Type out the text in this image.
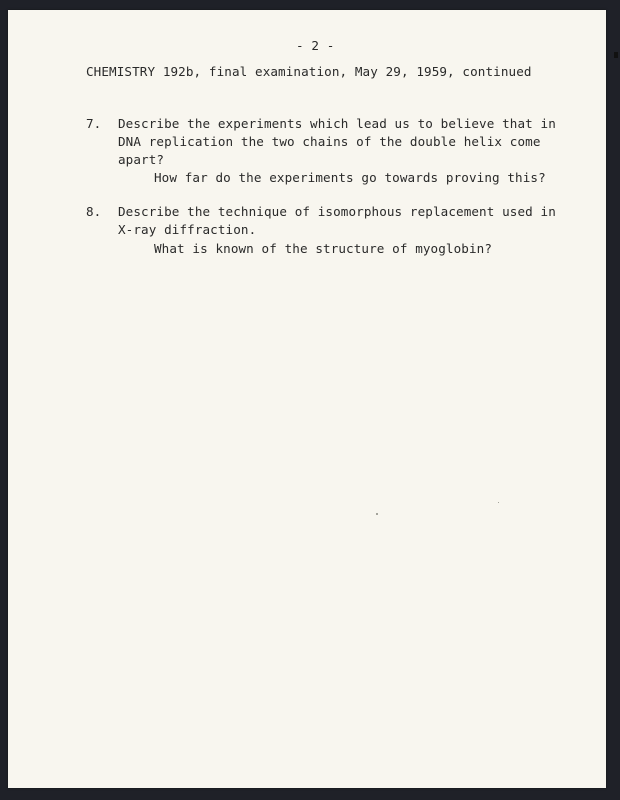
- 2 -
CHEMISTRY 192b, final examination, May 29, 1959, continued
7. Describe the experiments which lead us to believe that in
DNA replication the two chains of the double helix come
apart?
How far do the experiments go towards proving this?
8. Describe the technique of isomorphous replacement used in
X-ray diffraction.
What is known of the structure of myoglobin?
